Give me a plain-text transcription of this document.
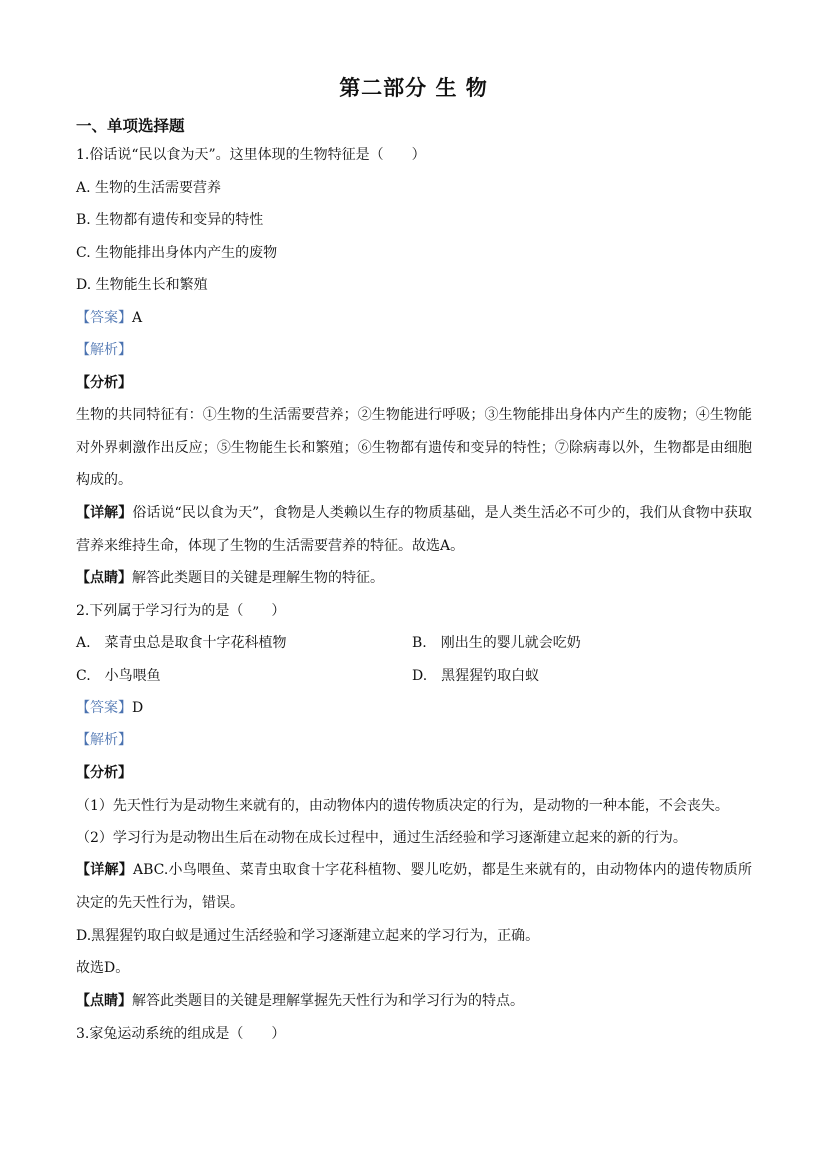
第二部分 生 物
一、单项选择题
1.俗话说“民以食为天”。这里体现的生物特征是（　　）
A. 生物的生活需要营养
B. 生物都有遗传和变异的特性
C. 生物能排出身体内产生的废物
D. 生物能生长和繁殖
【答案】A
【解析】
【分析】
生物的共同特征有：①生物的生活需要营养；②生物能进行呼吸；③生物能排出身体内产生的废物；④生物能对外界刺激作出反应；⑤生物能生长和繁殖；⑥生物都有遗传和变异的特性；⑦除病毒以外，生物都是由细胞构成的。
【详解】俗话说“民以食为天”，食物是人类赖以生存的物质基础，是人类生活必不可少的，我们从食物中获取营养来维持生命，体现了生物的生活需要营养的特征。故选A。
【点睛】解答此类题目的关键是理解生物的特征。
2.下列属于学习行为的是（　　）
A.　菜青虫总是取食十字花科植物	B.　刚出生的婴儿就会吃奶
C.　小鸟喂鱼	D.　黑猩猩钓取白蚁
【答案】D
【解析】
【分析】
（1）先天性行为是动物生来就有的，由动物体内的遗传物质决定的行为，是动物的一种本能，不会丧失。
（2）学习行为是动物出生后在动物在成长过程中，通过生活经验和学习逐渐建立起来的新的行为。
【详解】ABC.小鸟喂鱼、菜青虫取食十字花科植物、婴儿吃奶，都是生来就有的，由动物体内的遗传物质所决定的先天性行为，错误。
D.黑猩猩钓取白蚁是通过生活经验和学习逐渐建立起来的学习行为，正确。
故选D。
【点睛】解答此类题目的关键是理解掌握先天性行为和学习行为的特点。
3.家兔运动系统的组成是（　　）
